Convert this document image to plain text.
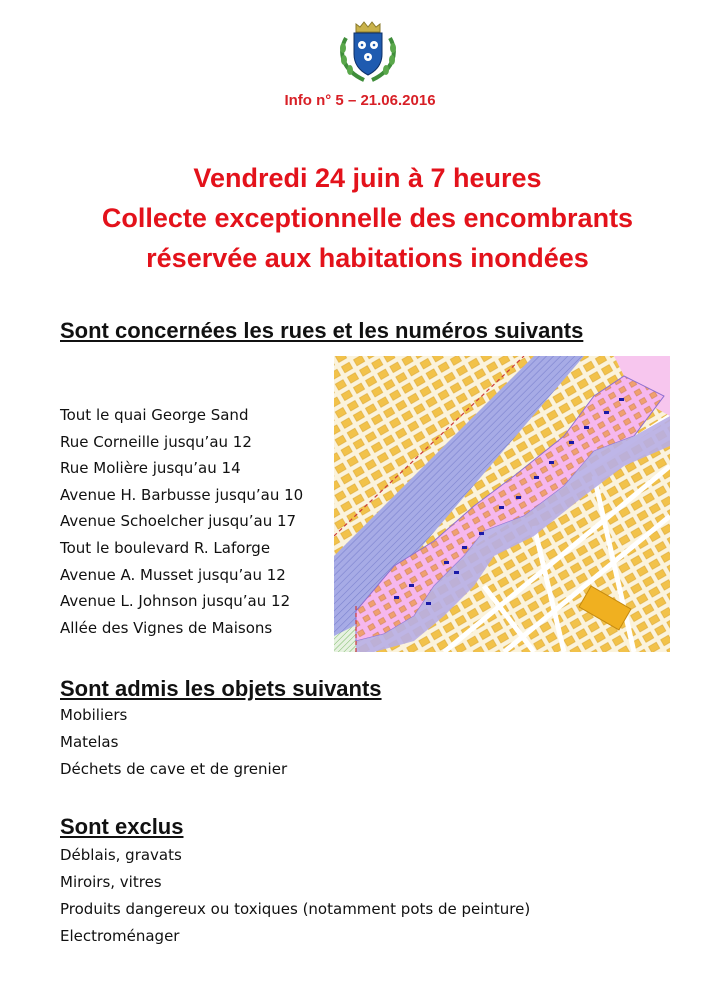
Info n° 5 – 21.06.2016
Vendredi 24 juin à 7 heures
Collecte exceptionnelle des encombrants
réservée aux habitations inondées
Sont concernées les rues et les numéros suivants
Tout le quai George Sand
Rue Corneille jusqu’au 12
Rue Molière jusqu’au 14
Avenue H. Barbusse jusqu’au 10
Avenue Schoelcher jusqu’au 17
Tout le boulevard R. Laforge
Avenue A. Musset jusqu’au 12
Avenue L. Johnson jusqu’au 12
Allée des Vignes de Maisons
Sont admis les objets suivants
Mobiliers
Matelas
Déchets de cave et de grenier
Sont exclus
Déblais, gravats
Miroirs, vitres
Produits dangereux ou toxiques (notamment pots de peinture)
Electroménager
